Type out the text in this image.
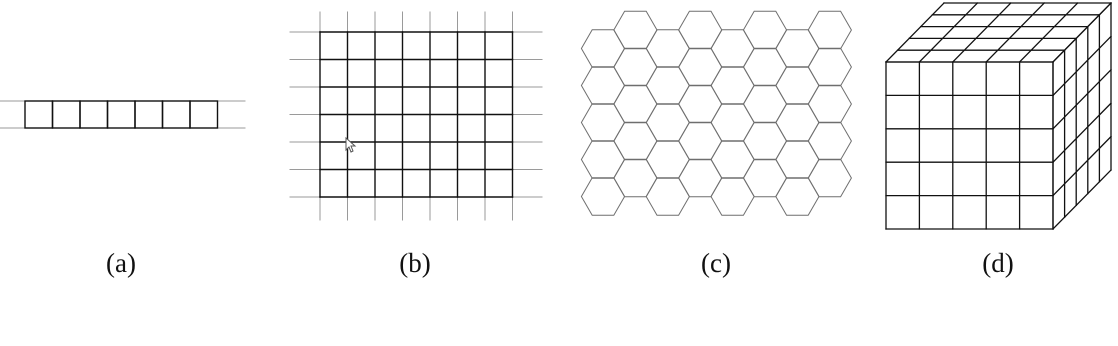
(a)	(b)	(c)	(d)
